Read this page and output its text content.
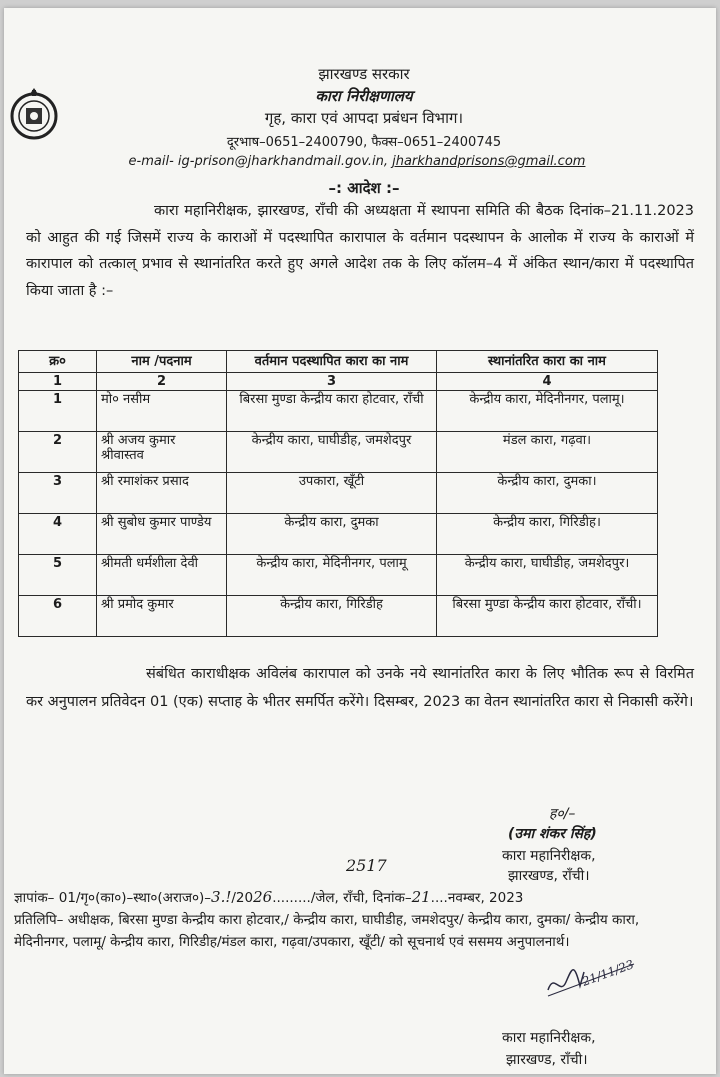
झारखण्ड सरकार
कारा निरीक्षणालय
गृह, कारा एवं आपदा प्रबंधन विभाग।
दूरभाष–0651–2400790, फैक्स–0651–2400745
e-mail- ig-prison@jharkhandmail.gov.in, jharkhandprisons@gmail.com
–: आदेश :–
कारा महानिरीक्षक, झारखण्ड, राँची की अध्यक्षता में स्थापना समिति की बैठक दिनांक–21.11.2023 को आहुत की गई जिसमें राज्य के काराओं में पदस्थापित कारापाल के वर्तमान पदस्थापन के आलोक में राज्य के काराओं में कारापाल को तत्काल् प्रभाव से स्थानांतरित करते हुए अगले आदेश तक के लिए कॉलम–4 में अंकित स्थान/कारा में पदस्थापित किया जाता है :–
क्र०	नाम /पदनाम	वर्तमान पदस्थापित कारा का नाम	स्थानांतरित कारा का नाम
1	2	3	4
1	मो० नसीम	बिरसा मुण्डा केन्द्रीय कारा होटवार, राँची	केन्द्रीय कारा, मेदिनीनगर, पलामू।
2	श्री अजय कुमार श्रीवास्तव	केन्द्रीय कारा, घाघीडीह, जमशेदपुर	मंडल कारा, गढ़वा।
3	श्री रमाशंकर प्रसाद	उपकारा, खूँटी	केन्द्रीय कारा, दुमका।
4	श्री सुबोध कुमार पाण्डेय	केन्द्रीय कारा, दुमका	केन्द्रीय कारा, गिरिडीह।
5	श्रीमती धर्मशीला देवी	केन्द्रीय कारा, मेदिनीनगर, पलामू	केन्द्रीय कारा, घाघीडीह, जमशेदपुर।
6	श्री प्रमोद कुमार	केन्द्रीय कारा, गिरिडीह	बिरसा मुण्डा केन्द्रीय कारा होटवार, राँची।
संबंधित काराधीक्षक अविलंब कारापाल को उनके नये स्थानांतरित कारा के लिए भौतिक रूप से विरमित कर अनुपालन प्रतिवेदन 01 (एक) सप्ताह के भीतर समर्पित करेंगे। दिसम्बर, 2023 का वेतन स्थानांतरित कारा से निकासी करेंगे।
ह०/–
(उमा शंकर सिंह)
कारा महानिरीक्षक,
झारखण्ड, राँची।
2517
ज्ञापांक– 01/गृ०(का०)–स्था०(अराज०)–3.!/2026........./जेल, राँची, दिनांक–21....नवम्बर, 2023
प्रतिलिपि– अधीक्षक, बिरसा मुण्डा केन्द्रीय कारा होटवार,/ केन्द्रीय कारा, घाघीडीह, जमशेदपुर/ केन्द्रीय कारा, दुमका/ केन्द्रीय कारा, मेदिनीनगर, पलामू/ केन्द्रीय कारा, गिरिडीह/मंडल कारा, गढ़वा/उपकारा, खूँटी/ को सूचनार्थ एवं ससमय अनुपालनार्थ।
21/11/23
कारा महानिरीक्षक,
झारखण्ड, राँची।
